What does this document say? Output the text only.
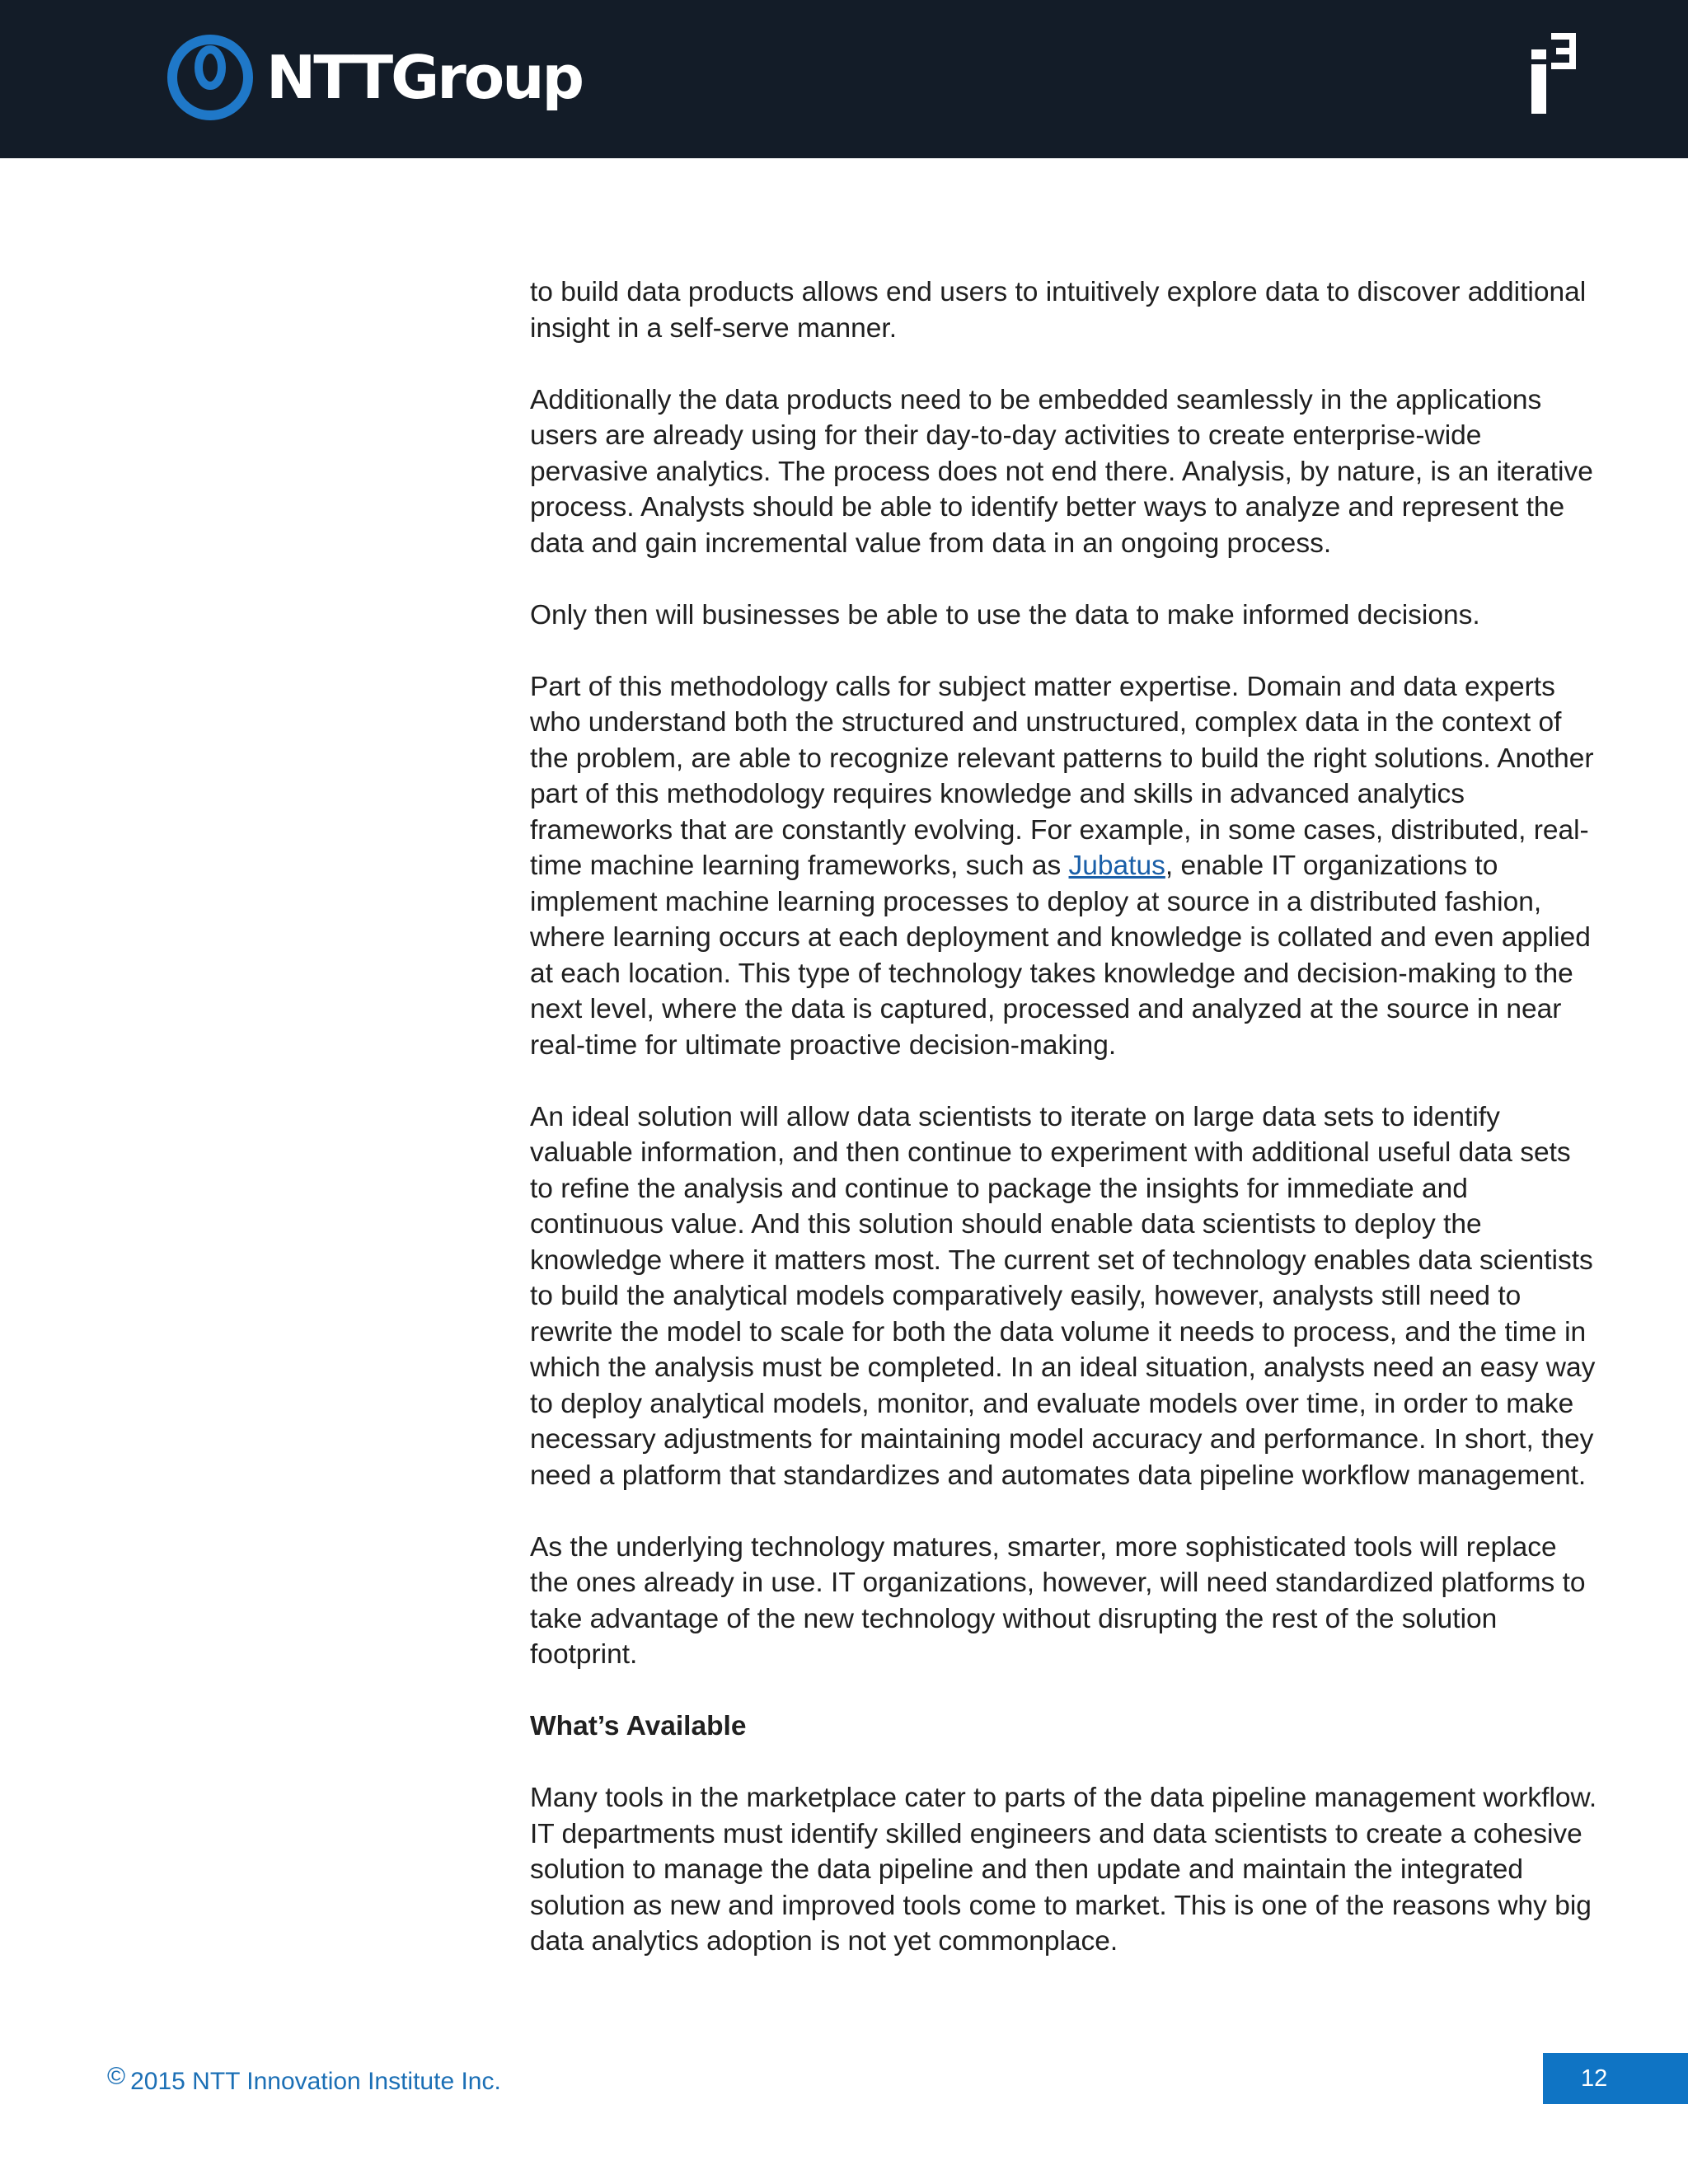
NTTGroup

to build data products allows end users to intuitively explore data to discover additional
insight in a self-serve manner.

Additionally the data products need to be embedded seamlessly in the applications
users are already using for their day-to-day activities to create enterprise-wide
pervasive analytics. The process does not end there. Analysis, by nature, is an iterative
process. Analysts should be able to identify better ways to analyze and represent the
data and gain incremental value from data in an ongoing process.

Only then will businesses be able to use the data to make informed decisions.

Part of this methodology calls for subject matter expertise. Domain and data experts
who understand both the structured and unstructured, complex data in the context of
the problem, are able to recognize relevant patterns to build the right solutions. Another
part of this methodology requires knowledge and skills in advanced analytics
frameworks that are constantly evolving. For example, in some cases, distributed, real-
time machine learning frameworks, such as Jubatus, enable IT organizations to
implement machine learning processes to deploy at source in a distributed fashion,
where learning occurs at each deployment and knowledge is collated and even applied
at each location. This type of technology takes knowledge and decision-making to the
next level, where the data is captured, processed and analyzed at the source in near
real-time for ultimate proactive decision-making.

An ideal solution will allow data scientists to iterate on large data sets to identify
valuable information, and then continue to experiment with additional useful data sets
to refine the analysis and continue to package the insights for immediate and
continuous value. And this solution should enable data scientists to deploy the
knowledge where it matters most. The current set of technology enables data scientists
to build the analytical models comparatively easily, however, analysts still need to
rewrite the model to scale for both the data volume it needs to process, and the time in
which the analysis must be completed. In an ideal situation, analysts need an easy way
to deploy analytical models, monitor, and evaluate models over time, in order to make
necessary adjustments for maintaining model accuracy and performance. In short, they
need a platform that standardizes and automates data pipeline workflow management.

As the underlying technology matures, smarter, more sophisticated tools will replace
the ones already in use. IT organizations, however, will need standardized platforms to
take advantage of the new technology without disrupting the rest of the solution
footprint.

What’s Available

Many tools in the marketplace cater to parts of the data pipeline management workflow.
IT departments must identify skilled engineers and data scientists to create a cohesive
solution to manage the data pipeline and then update and maintain the integrated
solution as new and improved tools come to market. This is one of the reasons why big
data analytics adoption is not yet commonplace.

© 2015 NTT Innovation Institute Inc.	12
